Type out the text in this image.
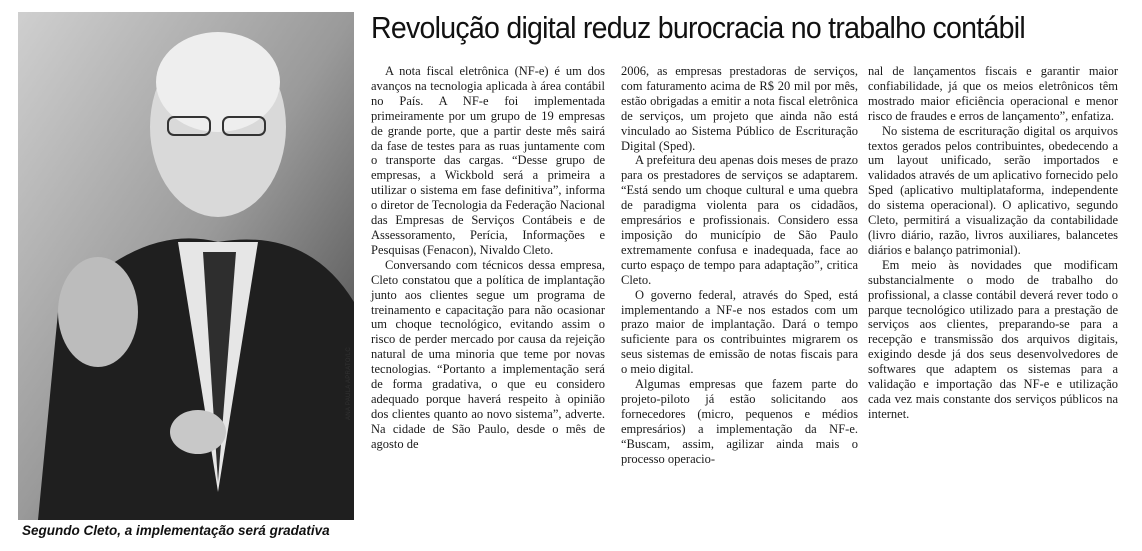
ANA PAULA APRATO/LC
Segundo Cleto, a implementação será gradativa
Revolução digital reduz burocracia no trabalho contábil

A nota fiscal eletrônica (NF-e) é um dos avanços na tecnologia aplicada à área contábil no País. A NF-e foi implementada primeiramente por um grupo de 19 empresas de grande porte, que a partir deste mês sairá da fase de testes para as ruas juntamente com o transporte das cargas. “Desse grupo de empresas, a Wickbold será a primeira a utilizar o sistema em fase definitiva”, informa o diretor de Tecnologia da Federação Nacional das Empresas de Serviços Contábeis e de Assessoramento, Perícia, Informações e Pesquisas (Fenacon), Nivaldo Cleto.

Conversando com técnicos dessa empresa, Cleto constatou que a política de implantação junto aos clientes segue um programa de treinamento e capacitação para não ocasionar um choque tecnológico, evitando assim o risco de perder mercado por causa da rejeição natural de uma minoria que teme por novas tecnologias. “Portanto a implementação será de forma gradativa, o que eu considero adequado porque haverá respeito à opinião dos clientes quanto ao novo sistema”, adverte. Na cidade de São Paulo, desde o mês de agosto de

2006, as empresas prestadoras de serviços, com faturamento acima de R$ 20 mil por mês, estão obrigadas a emitir a nota fiscal eletrônica de serviços, um projeto que ainda não está vinculado ao Sistema Público de Escrituração Digital (Sped).

A prefeitura deu apenas dois meses de prazo para os prestadores de serviços se adaptarem. “Está sendo um choque cultural e uma quebra de paradigma violenta para os cidadãos, empresários e profissionais. Considero essa imposição do município de São Paulo extremamente confusa e inadequada, face ao curto espaço de tempo para adaptação”, critica Cleto.

O governo federal, através do Sped, está implementando a NF-e nos estados com um prazo maior de implantação. Dará o tempo suficiente para os contribuintes migrarem os seus sistemas de emissão de notas fiscais para o meio digital.

Algumas empresas que fazem parte do projeto-piloto já estão solicitando aos fornecedores (micro, pequenos e médios empresários) a implementação da NF-e. “Buscam, assim, agilizar ainda mais o processo operacio-

nal de lançamentos fiscais e garantir maior confiabilidade, já que os meios eletrônicos têm mostrado maior eficiência operacional e menor risco de fraudes e erros de lançamento”, enfatiza.

No sistema de escrituração digital os arquivos textos gerados pelos contribuintes, obedecendo a um layout unificado, serão importados e validados através de um aplicativo fornecido pelo Sped (aplicativo multiplataforma, independente do sistema operacional). O aplicativo, segundo Cleto, permitirá a visualização da contabilidade (livro diário, razão, livros auxiliares, balancetes diários e balanço patrimonial).

Em meio às novidades que modificam substancialmente o modo de trabalho do profissional, a classe contábil deverá rever todo o parque tecnológico utilizado para a prestação de serviços aos clientes, preparando-se para a recepção e transmissão dos arquivos digitais, exigindo desde já dos seus desenvolvedores de softwares que adaptem os sistemas para a validação e importação das NF-e e utilização cada vez mais constante dos serviços públicos na internet.
